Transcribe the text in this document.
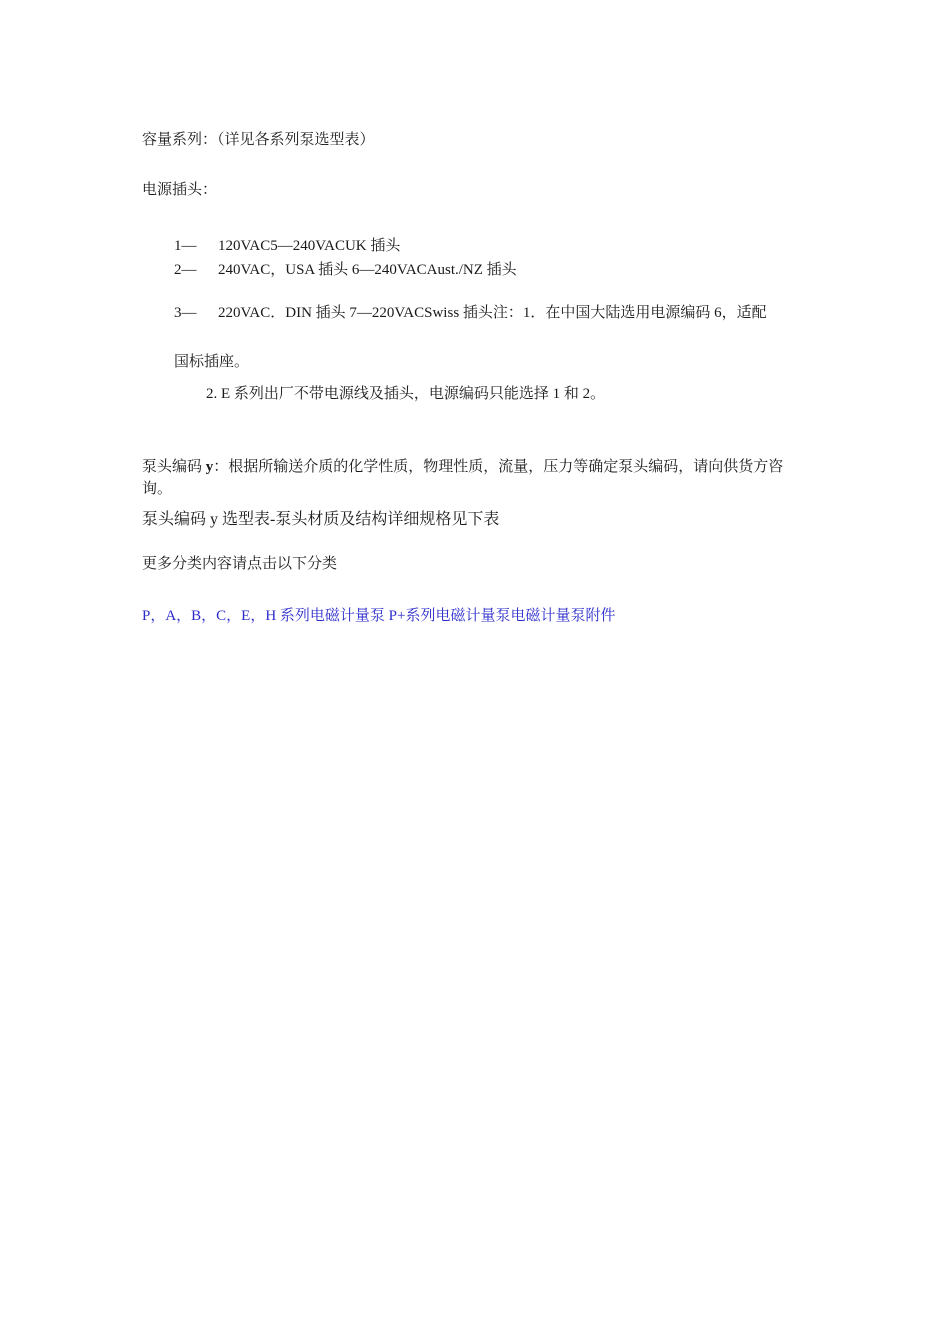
容量系列：（详见各系列泵选型表）
电源插头：
1— 120VAC5—240VACUK 插头
2— 240VAC，USA 插头 6—240VACAust./NZ 插头
3— 220VAC．DIN 插头 7—220VACSwiss 插头注：1．在中国大陆选用电源编码 6，适配
国标插座。
2. E 系列出厂不带电源线及插头，电源编码只能选择 1 和 2。
泵头编码 y：根据所输送介质的化学性质，物理性质，流量，压力等确定泵头编码，请向供货方咨询。
泵头编码 y 选型表-泵头材质及结构详细规格见下表
更多分类内容请点击以下分类
P，A，B，C，E，H 系列电磁计量泵 P+系列电磁计量泵电磁计量泵附件
